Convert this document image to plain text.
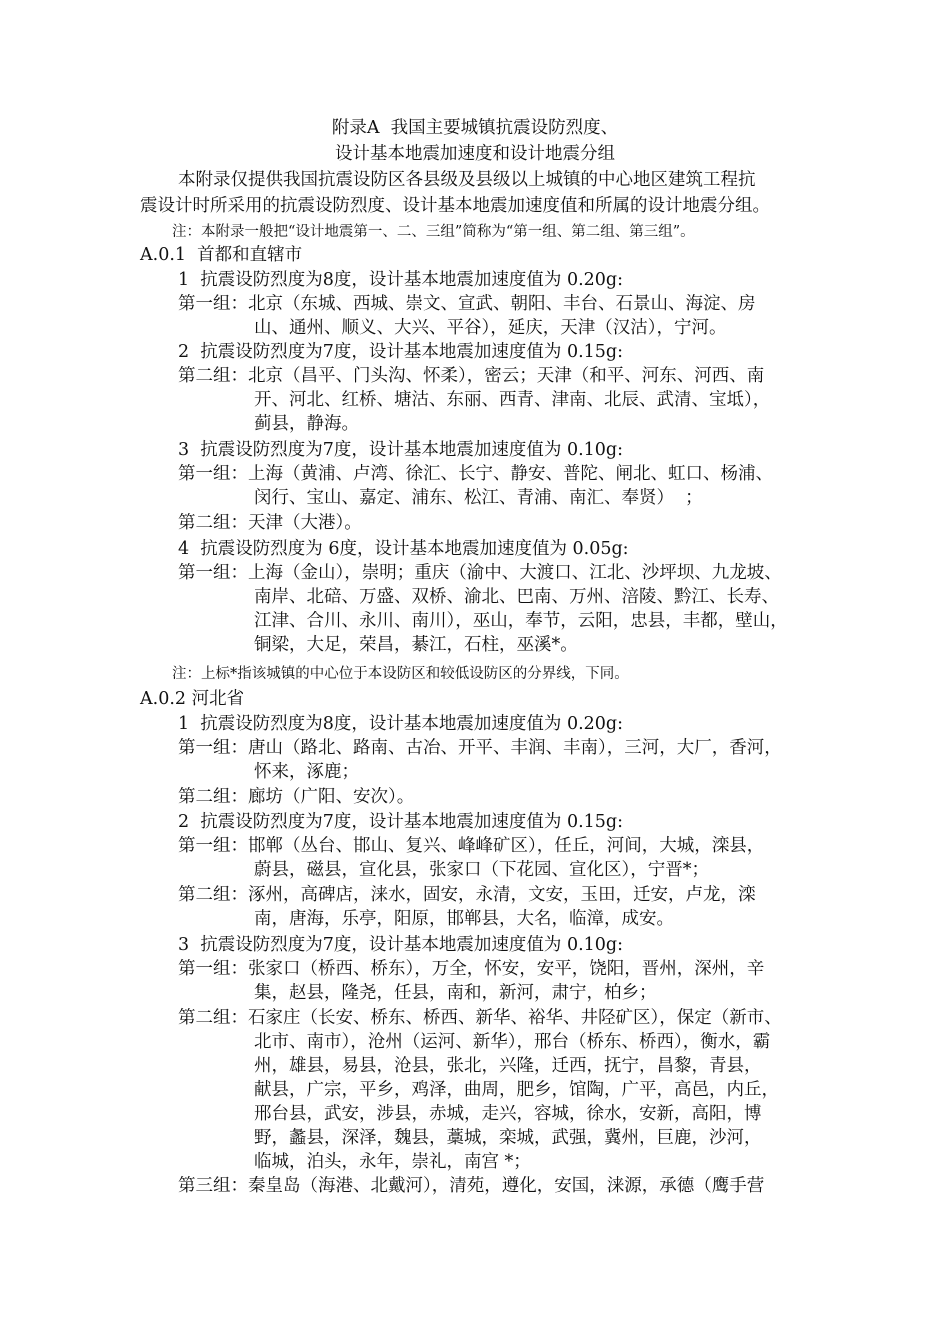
附录A  我国主要城镇抗震设防烈度、
设计基本地震加速度和设计地震分组
本附录仅提供我国抗震设防区各县级及县级以上城镇的中心地区建筑工程抗
震设计时所采用的抗震设防烈度、设计基本地震加速度值和所属的设计地震分组。
注：本附录一般把“设计地震第一、二、三组”简称为“第一组、第二组、第三组”。
A.0.1  首都和直辖市
1  抗震设防烈度为8度，设计基本地震加速度值为 0.20g:
第一组：北京（东城、西城、崇文、宣武、朝阳、丰台、石景山、海淀、房
山、通州、顺义、大兴、平谷），延庆，天津（汉沽），宁河。
2  抗震设防烈度为7度，设计基本地震加速度值为 0.15g:
第二组：北京（昌平、门头沟、怀柔），密云；天津（和平、河东、河西、南
开、河北、红桥、塘沽、东丽、西青、津南、北辰、武清、宝坻），
蓟县，静海。
3  抗震设防烈度为7度，设计基本地震加速度值为 0.10g:
第一组：上海（黄浦、卢湾、徐汇、长宁、静安、普陀、闸北、虹口、杨浦、
闵行、宝山、嘉定、浦东、松江、青浦、南汇、奉贤）  ；
第二组：天津（大港）。
4  抗震设防烈度为 6度，设计基本地震加速度值为 0.05g:
第一组：上海（金山），崇明；重庆（渝中、大渡口、江北、沙坪坝、九龙坡、
南岸、北碚、万盛、双桥、渝北、巴南、万州、涪陵、黔江、长寿、
江津、合川、永川、南川），巫山，奉节，云阳，忠县，丰都，壁山，
铜梁，大足，荣昌，綦江，石柱，巫溪*。
注：上标*指该城镇的中心位于本设防区和较低设防区的分界线，下同。
A.0.2 河北省
1  抗震设防烈度为8度，设计基本地震加速度值为 0.20g:
第一组：唐山（路北、路南、古冶、开平、丰润、丰南），三河，大厂，香河，
怀来，涿鹿；
第二组：廊坊（广阳、安次）。
2  抗震设防烈度为7度，设计基本地震加速度值为 0.15g:
第一组：邯郸（丛台、邯山、复兴、峰峰矿区），任丘，河间，大城，滦县，
蔚县，磁县，宣化县，张家口（下花园、宣化区），宁晋*；
第二组：涿州，高碑店，涞水，固安，永清，文安，玉田，迁安，卢龙，滦
南，唐海，乐亭，阳原，邯郸县，大名，临漳，成安。
3  抗震设防烈度为7度，设计基本地震加速度值为 0.10g:
第一组：张家口（桥西、桥东），万全，怀安，安平，饶阳，晋州，深州，辛
集，赵县，隆尧，任县，南和，新河，肃宁，柏乡；
第二组：石家庄（长安、桥东、桥西、新华、裕华、井陉矿区），保定（新市、
北市、南市），沧州（运河、新华），邢台（桥东、桥西），衡水，霸
州，雄县，易县，沧县，张北，兴隆，迁西，抚宁，昌黎，青县，
献县，广宗，平乡，鸡泽，曲周，肥乡，馆陶，广平，高邑，内丘，
邢台县，武安，涉县，赤城，走兴，容城，徐水，安新，高阳，博
野，蠡县，深泽，魏县，藁城，栾城，武强，冀州，巨鹿，沙河，
临城，泊头，永年，崇礼，南宫 *；
第三组：秦皇岛（海港、北戴河），清苑，遵化，安国，涞源，承德（鹰手营
